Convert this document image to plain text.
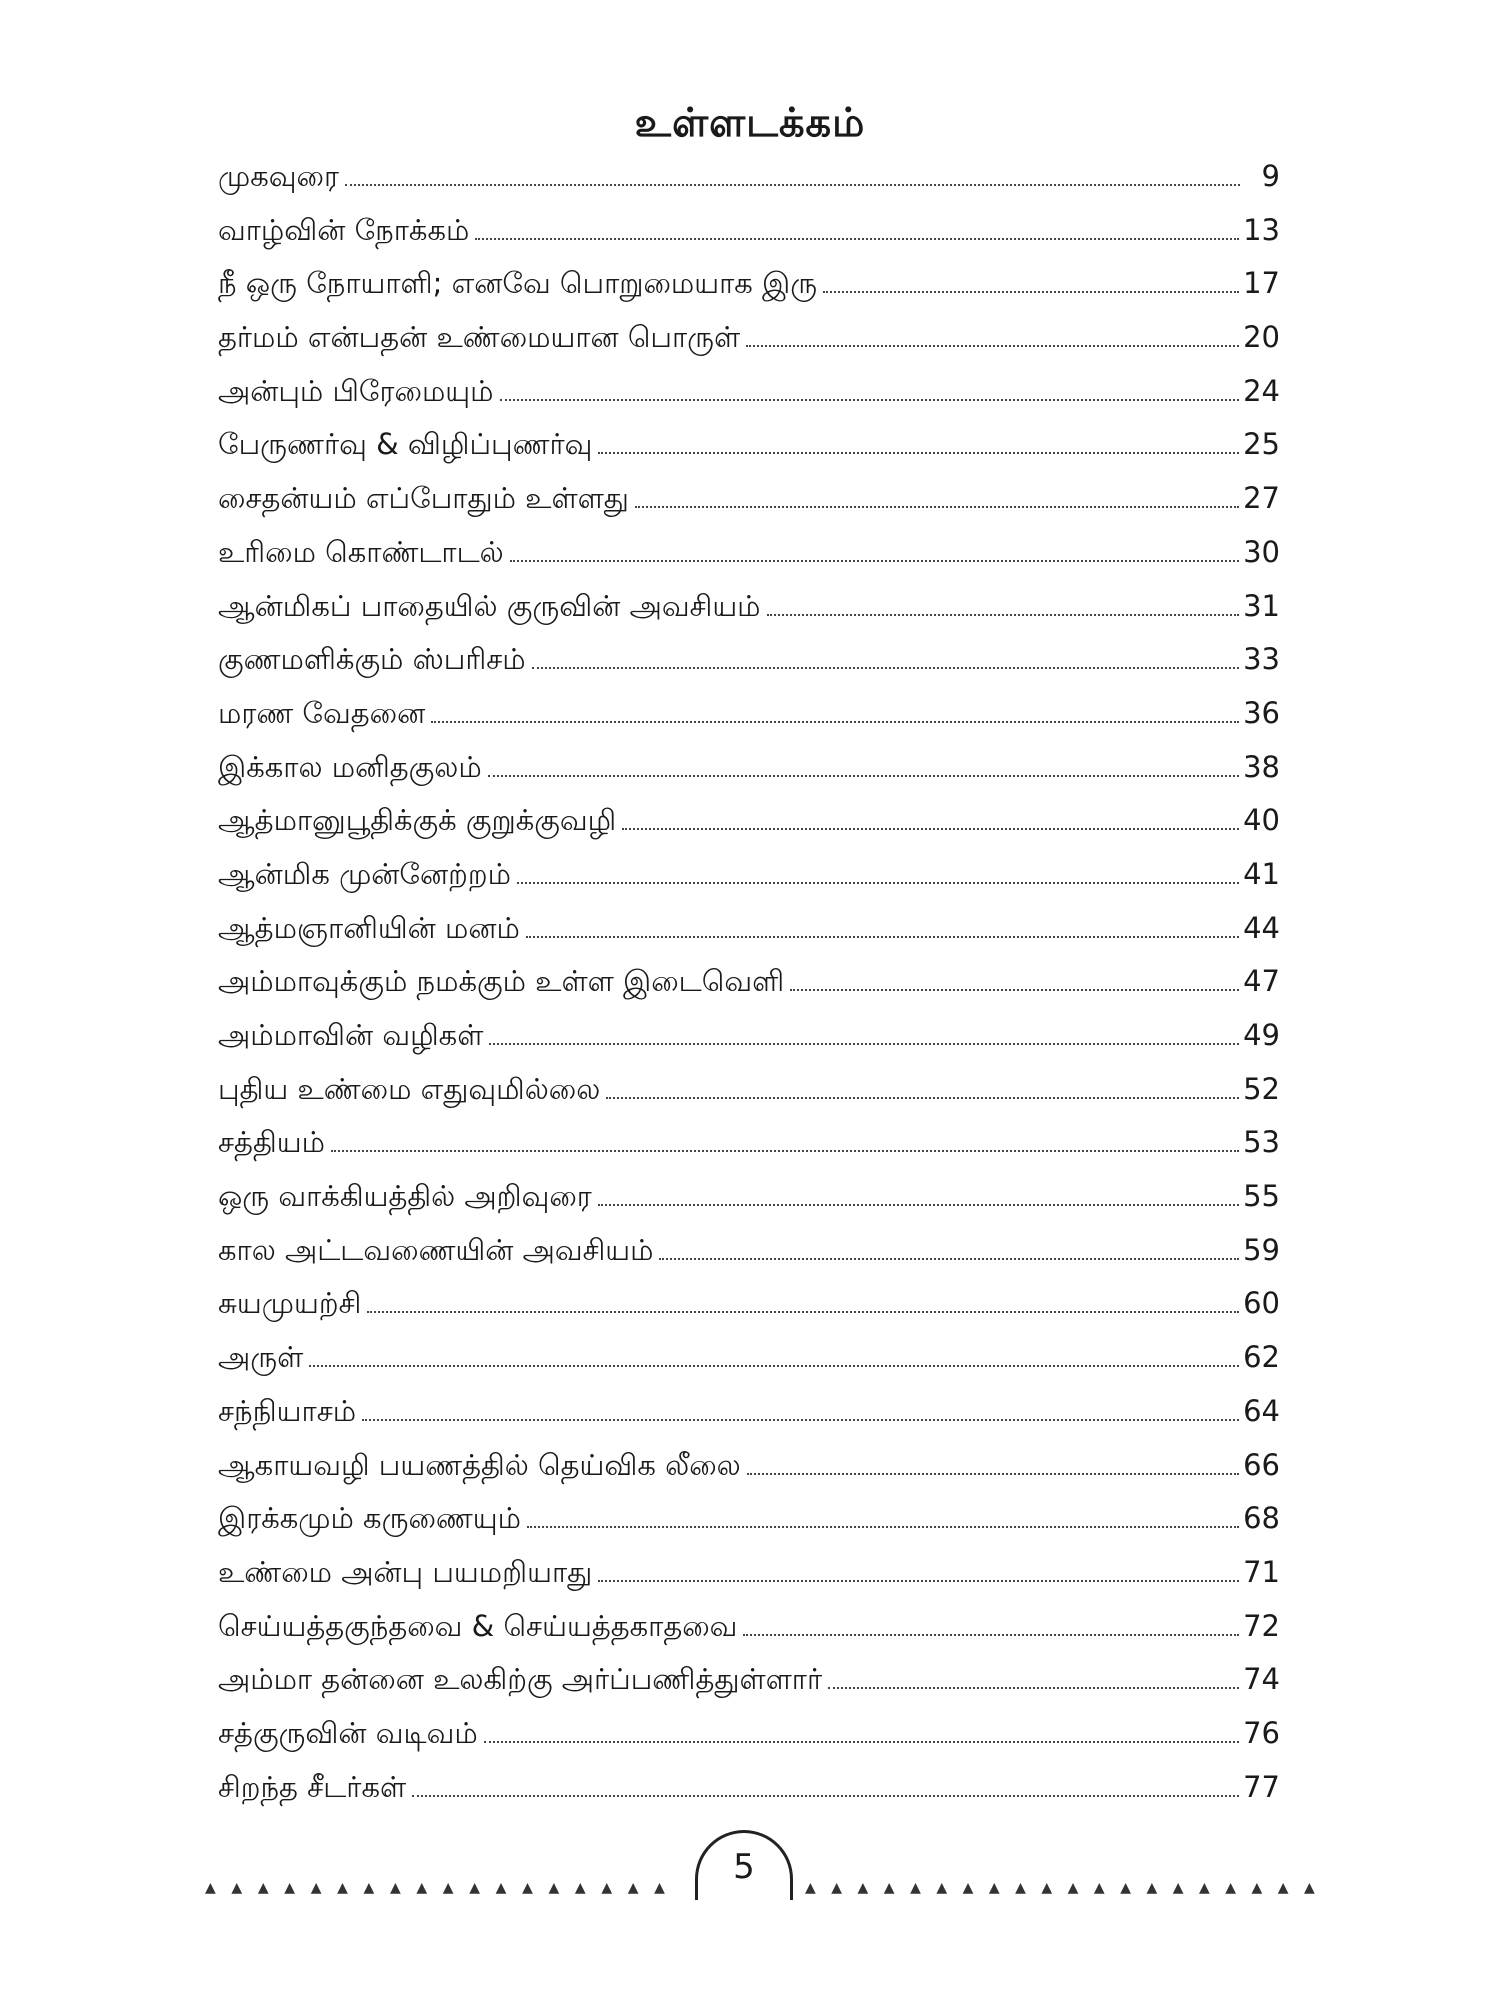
உள்ளடக்கம்
முகவுரை	9
வாழ்வின் நோக்கம்	13
நீ ஒரு நோயாளி; எனவே பொறுமையாக இரு	17
தர்மம் என்பதன் உண்மையான பொருள்	20
அன்பும் பிரேமையும்	24
பேருணர்வு & விழிப்புணர்வு	25
சைதன்யம் எப்போதும் உள்ளது	27
உரிமை கொண்டாடல்	30
ஆன்மிகப் பாதையில் குருவின் அவசியம்	31
குணமளிக்கும் ஸ்பரிசம்	33
மரண வேதனை	36
இக்கால மனிதகுலம்	38
ஆத்மானுபூதிக்குக் குறுக்குவழி	40
ஆன்மிக முன்னேற்றம்	41
ஆத்மஞானியின் மனம்	44
அம்மாவுக்கும் நமக்கும் உள்ள இடைவெளி	47
அம்மாவின் வழிகள்	49
புதிய உண்மை எதுவுமில்லை	52
சத்தியம்	53
ஒரு வாக்கியத்தில் அறிவுரை	55
கால அட்டவணையின் அவசியம்	59
சுயமுயற்சி	60
அருள்	62
சந்நியாசம்	64
ஆகாயவழி பயணத்தில் தெய்விக லீலை	66
இரக்கமும் கருணையும்	68
உண்மை அன்பு பயமறியாது	71
செய்யத்தகுந்தவை & செய்யத்தகாதவை	72
அம்மா தன்னை உலகிற்கு அர்ப்பணித்துள்ளார்	74
சத்குருவின் வடிவம்	76
சிறந்த சீடர்கள்	77
▲ ▲ ▲ ▲ ▲ ▲ ▲ ▲ ▲ ▲ ▲ ▲ ▲ ▲ ▲ ▲ ▲ ▲
5
▲ ▲ ▲ ▲ ▲ ▲ ▲ ▲ ▲ ▲ ▲ ▲ ▲ ▲ ▲ ▲ ▲ ▲ ▲ ▲
